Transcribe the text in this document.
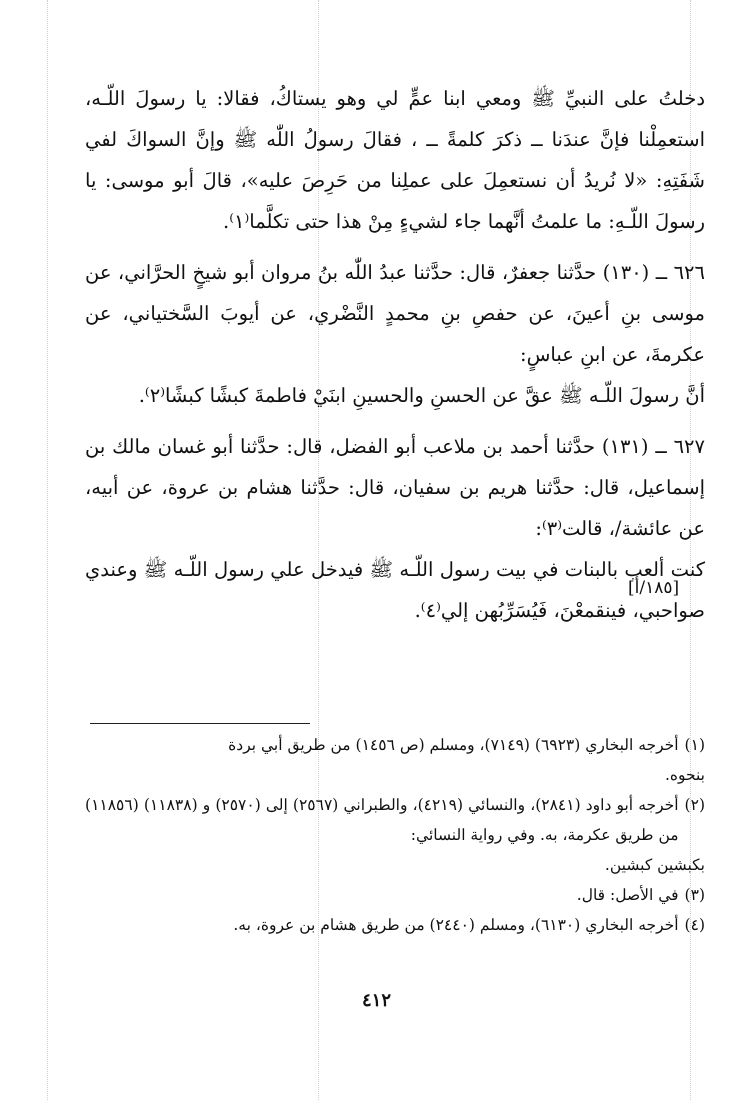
دخلتُ على النبيِّ ﷺ ومعي ابنا عمٍّ لي وهو يستاكُ، فقالا: يا رسولَ اللّـه، استعمِلْنا فإنَّ عندَنا ــ ذكرَ كلمةً ــ ، فقالَ رسولُ اللّٰه ﷺ وإنَّ السواكَ لفي شَفَتِهِ: «لا نُريدُ أن نستعمِلَ على عملِنا من حَرِصَ عليه»، قالَ أبو موسى: يا رسولَ اللّـهِ: ما علمتُ أنَّهما جاء لشيءٍ مِنْ هذا حتى تكلَّما⁽١⁾.

٦٢٦ ــ (١٣٠) حدَّثنا جعفرٌ، قال: حدَّثنا عبدُ اللّٰه بنُ مروان أبو شيخٍ الحرَّاني، عن موسى بنِ أعينَ، عن حفصِ بنِ محمدٍ النَّضْري، عن أيوبَ السَّختياني، عن عكرمةَ، عن ابنِ عباسٍ:

أنَّ رسولَ اللّـه ﷺ عقَّ عن الحسنِ والحسينِ ابنَيْ فاطمةَ كبشًا كبشًا⁽٢⁾.

٦٢٧ ــ (١٣١) حدَّثنا أحمد بن ملاعب أبو الفضل، قال: حدَّثنا أبو غسان مالك بن إسماعيل، قال: حدَّثنا هريم بن سفيان، قال: حدَّثنا هشام بن عروة، عن أبيه، عن عائشة/، قالت⁽٣⁾:

كنت ألعب بالبنات في بيت رسول اللّـه ﷺ فيدخل علي رسول اللّـه ﷺ وعندي صواحبي، فينقمعْنَ، فَيُسَرِّبُهن إلي⁽٤⁾.

[١٨٥/أ]
(١)
أخرجه البخاري (٦٩٢٣) (٧١٤٩)، ومسلم (ص ١٤٥٦) من طريق أبي بردة
بنحوه.
(٢)
أخرجه أبو داود (٢٨٤١)، والنسائي (٤٢١٩)، والطبراني (٢٥٦٧) إلى (٢٥٧٠) و (١١٨٣٨) (١١٨٥٦) من طريق عكرمة، به. وفي رواية النسائي:
بكبشين كبشين.
(٣)
في الأصل: قال.
(٤)
أخرجه البخاري (٦١٣٠)، ومسلم (٢٤٤٠) من طريق هشام بن عروة، به.
٤١٢
